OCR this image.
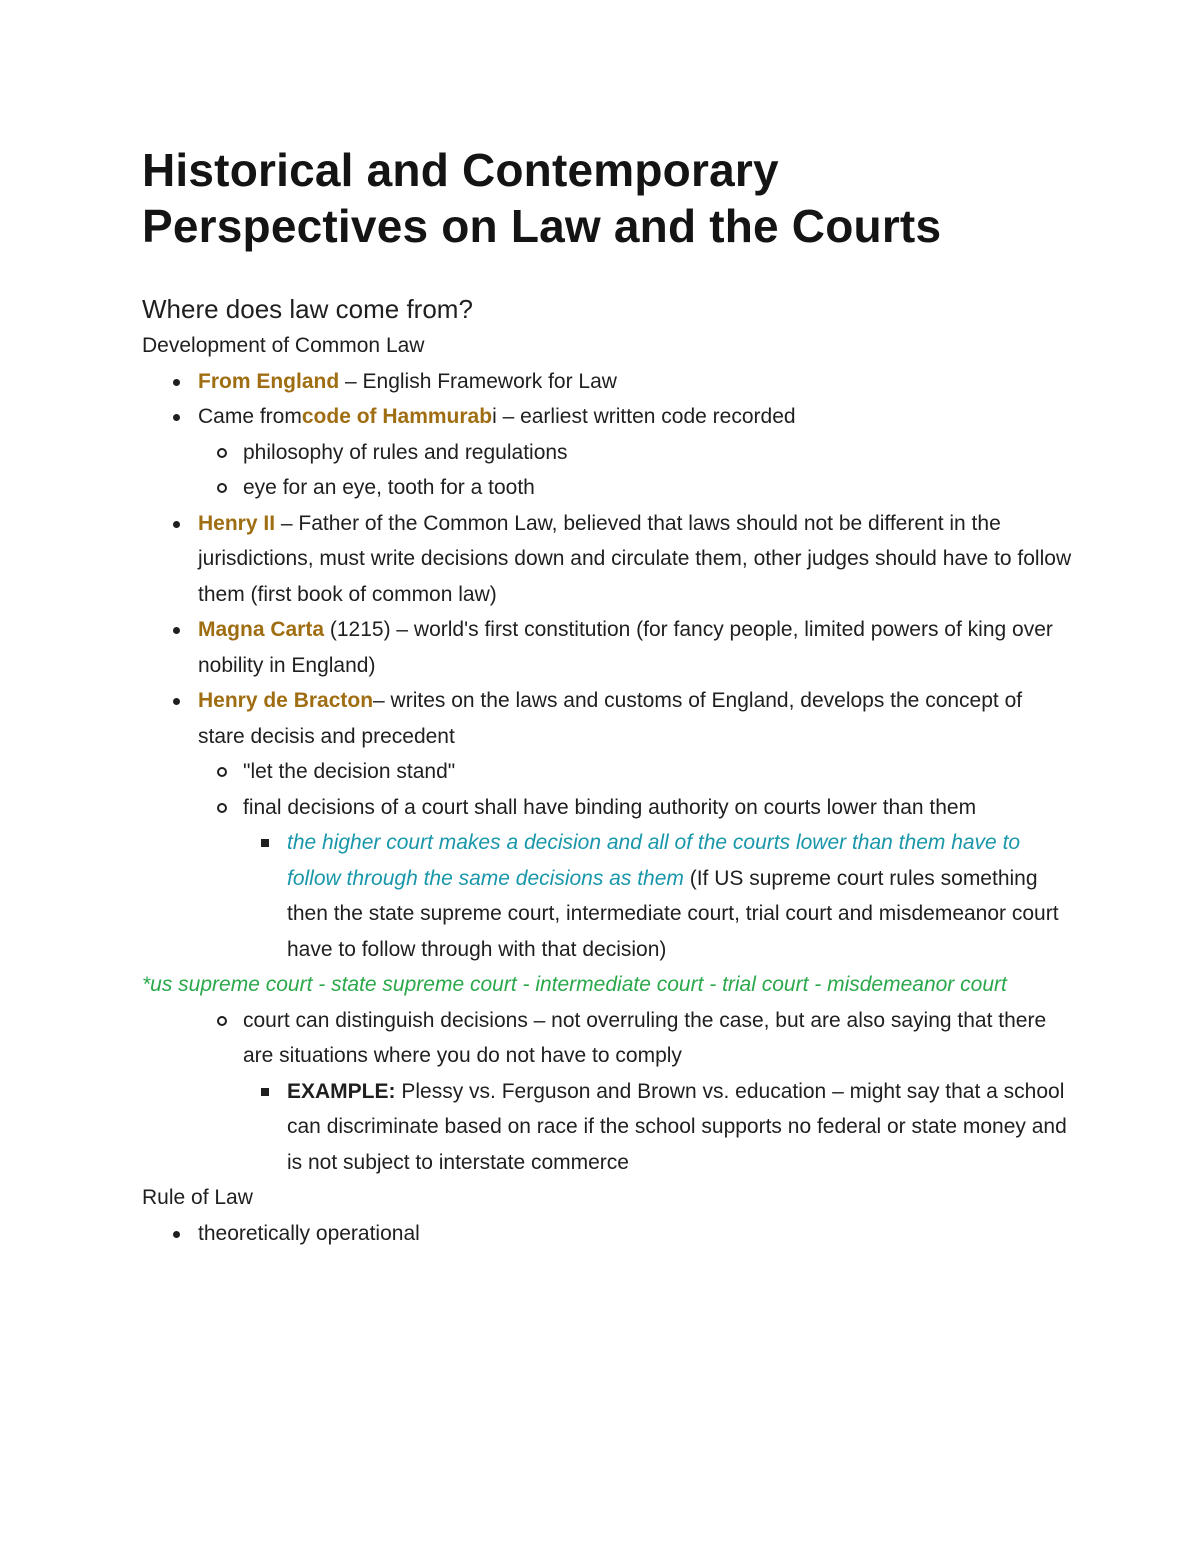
Historical and Contemporary
Perspectives on Law and the Courts
Where does law come from?

Development of Common Law

From England – English Framework for Law
Came fromcode of Hammurabi – earliest written code recorded
philosophy of rules and regulations
eye for an eye, tooth for a tooth
Henry II – Father of the Common Law, believed that laws should not be different in the jurisdictions, must write decisions down and circulate them, other judges should have to follow them (first book of common law)
Magna Carta (1215) – world's first constitution (for fancy people, limited powers of king over nobility in England)
Henry de Bracton– writes on the laws and customs of England, develops the concept of stare decisis and precedent
"let the decision stand"
final decisions of a court shall have binding authority on courts lower than them
the higher court makes a decision and all of the courts lower than them have to follow through the same decisions as them (If US supreme court rules something then the state supreme court, intermediate court, trial court and misdemeanor court have to follow through with that decision)

*us supreme court - state supreme court - intermediate court - trial court - misdemeanor court

court can distinguish decisions – not overruling the case, but are also saying that there are situations where you do not have to comply
EXAMPLE: Plessy vs. Ferguson and Brown vs. education – might say that a school can discriminate based on race if the school supports no federal or state money and is not subject to interstate commerce

Rule of Law

theoretically operational
